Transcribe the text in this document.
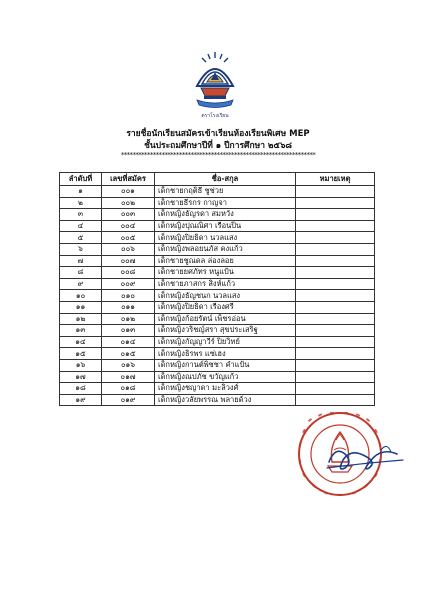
ตราโรงเรียน
รายชื่อนักเรียนสมัครเข้าเรียนห้องเรียนพิเศษ MEP
ชั้นประถมศึกษาปีที่ ๑ ปีการศึกษา ๒๕๖๘
*******************************************************************
ลำดับที่	เลขที่สมัคร	ชื่อ-สกุล	หมายเหตุ
๑	๐๐๑	เด็กชายกฤติธี ชูช่วย	
๒	๐๐๒	เด็กชายธีรกร กาญจา	
๓	๐๐๓	เด็กหญิงธัญรดา สมหวัง	
๔	๐๐๔	เด็กหญิงปุณณิศา เรือนปิ่น	
๕	๐๐๕	เด็กหญิงปิยธิดา นวลแสง	
๖	๐๐๖	เด็กหญิงพลอยนภัส คงแก้ว	
๗	๐๐๗	เด็กชายชูณดล ล่องลอย	
๘	๐๐๘	เด็กชายยศภัทร หนูแป้น	
๙	๐๐๙	เด็กชายภาสกร สิงห์แก้ว	
๑๐	๐๑๐	เด็กหญิงธัญชนก นวลแสง	
๑๑	๐๑๑	เด็กหญิงปิยธิดา เรืองศรี	
๑๒	๐๑๒	เด็กหญิงก้อยรัตน์ เพ็ชรอ่อน	
๑๓	๐๑๓	เด็กหญิงวริชญ์สรา สุขประเสริฐ	
๑๔	๐๑๔	เด็กหญิงกัญญาวีร์ ปิยวิทย์	
๑๕	๐๑๕	เด็กหญิงธิรพร แซ่เฮง	
๑๖	๐๑๖	เด็กหญิงกานต์พิชชา คำแป้น	
๑๗	๐๑๗	เด็กหญิงณปภัช ขวัญแก้ว	
๑๘	๐๑๘	เด็กหญิงชญาดา มะลิวงศ์	
๑๙	๐๑๙	เด็กหญิงวลัยพรรณ พลายด้วง	
